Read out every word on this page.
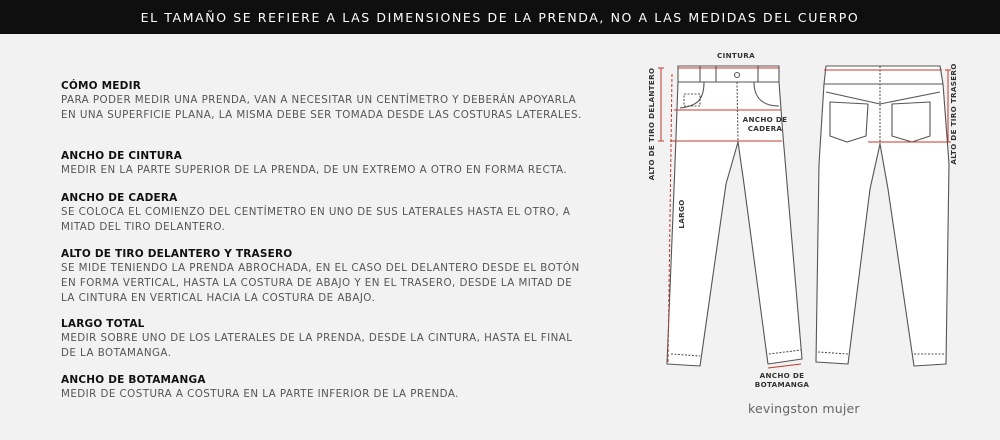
EL TAMAÑO SE REFIERE A LAS DIMENSIONES DE LA PRENDA, NO A LAS MEDIDAS DEL CUERPO
CÓMO MEDIR
PARA PODER MEDIR UNA PRENDA, VAN A NECESITAR UN CENTÍMETRO Y DEBERÁN APOYARLA
EN UNA SUPERFICIE PLANA, LA MISMA DEBE SER TOMADA DESDE LAS COSTURAS LATERALES.
ANCHO DE CINTURA
MEDIR EN LA PARTE SUPERIOR DE LA PRENDA, DE UN EXTREMO A OTRO EN FORMA RECTA.
ANCHO DE CADERA
SE COLOCA EL COMIENZO DEL CENTÍMETRO EN UNO DE SUS LATERALES HASTA EL OTRO, A
MITAD DEL TIRO DELANTERO.
ALTO DE TIRO DELANTERO Y TRASERO
SE MIDE TENIENDO LA PRENDA ABROCHADA, EN EL CASO DEL DELANTERO DESDE EL BOTÓN
EN FORMA VERTICAL, HASTA LA COSTURA DE ABAJO Y EN EL TRASERO, DESDE LA MITAD DE
LA CINTURA EN VERTICAL HACIA LA COSTURA DE ABAJO.
LARGO TOTAL
MEDIR SOBRE UNO DE LOS LATERALES DE LA PRENDA, DESDE LA CINTURA, HASTA EL FINAL
DE LA BOTAMANGA.
ANCHO DE BOTAMANGA
MEDIR DE COSTURA A COSTURA EN LA PARTE INFERIOR DE LA PRENDA.
CINTURA
ANCHO DE
CADERA
ALTO DE TIRO DELANTERO	ALTO DE TIRO TRASERO
LARGO
ANCHO DE
BOTAMANGA
kevingston mujer
